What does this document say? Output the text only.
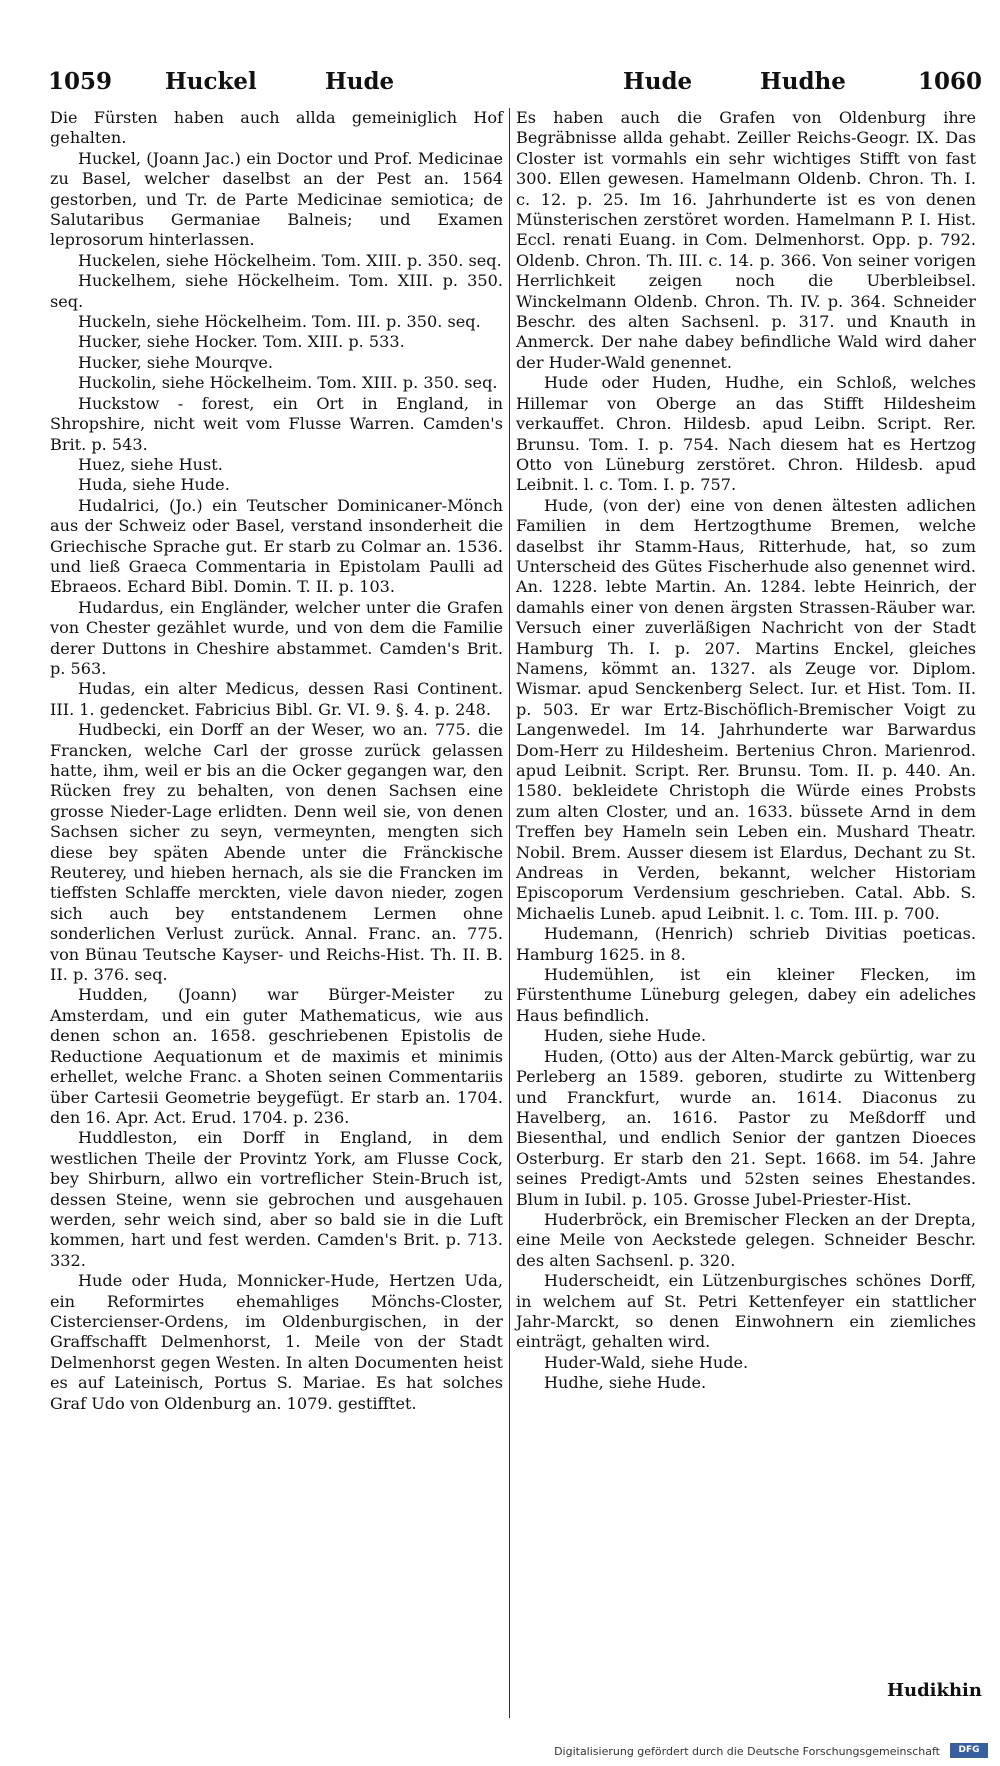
1059 Huckel	Hude	Hude	Hudhe	1060

Die Fürsten haben auch allda gemeiniglich Hof gehalten.

Huckel, (Joann Jac.) ein Doctor und Prof. Medicinae zu Basel, welcher daselbst an der Pest an. 1564 gestorben, und Tr. de Parte Medicinae semiotica; de Salutaribus Germaniae Balneis; und Examen leprosorum hinterlassen.

Huckelen, siehe Höckelheim. Tom. XIII. p. 350. seq.

Huckelhem, siehe Höckelheim. Tom. XIII. p. 350. seq.

Huckeln, siehe Höckelheim. Tom. III. p. 350. seq.

Hucker, siehe Hocker. Tom. XIII. p. 533.

Hucker, siehe Mourqve.

Huckolin, siehe Höckelheim. Tom. XIII. p. 350. seq.

Huckstow - forest, ein Ort in England, in Shropshire, nicht weit vom Flusse Warren. Camden's Brit. p. 543.

Huez, siehe Hust.

Huda, siehe Hude.

Hudalrici, (Jo.) ein Teutscher Dominicaner-Mönch aus der Schweiz oder Basel, verstand insonderheit die Griechische Sprache gut. Er starb zu Colmar an. 1536. und ließ Graeca Commentaria in Epistolam Paulli ad Ebraeos. Echard Bibl. Domin. T. II. p. 103.

Hudardus, ein Engländer, welcher unter die Grafen von Chester gezählet wurde, und von dem die Familie derer Duttons in Cheshire abstammet. Camden's Brit. p. 563.

Hudas, ein alter Medicus, dessen Rasi Continent. III. 1. gedencket. Fabricius Bibl. Gr. VI. 9. §. 4. p. 248.

Hudbecki, ein Dorff an der Weser, wo an. 775. die Francken, welche Carl der grosse zurück gelassen hatte, ihm, weil er bis an die Ocker gegangen war, den Rücken frey zu behalten, von denen Sachsen eine grosse Nieder-Lage erlidten. Denn weil sie, von denen Sachsen sicher zu seyn, vermeynten, mengten sich diese bey späten Abende unter die Fränckische Reuterey, und hieben hernach, als sie die Francken im tieffsten Schlaffe merckten, viele davon nieder, zogen sich auch bey entstandenem Lermen ohne sonderlichen Verlust zurück. Annal. Franc. an. 775. von Bünau Teutsche Kayser- und Reichs-Hist. Th. II. B. II. p. 376. seq.

Hudden, (Joann) war Bürger-Meister zu Amsterdam, und ein guter Mathematicus, wie aus denen schon an. 1658. geschriebenen Epistolis de Reductione Aequationum et de maximis et minimis erhellet, welche Franc. a Shoten seinen Commentariis über Cartesii Geometrie beygefügt. Er starb an. 1704. den 16. Apr. Act. Erud. 1704. p. 236.

Huddleston, ein Dorff in England, in dem westlichen Theile der Provintz York, am Flusse Cock, bey Shirburn, allwo ein vortreflicher Stein-Bruch ist, dessen Steine, wenn sie gebrochen und ausgehauen werden, sehr weich sind, aber so bald sie in die Luft kommen, hart und fest werden. Camden's Brit. p. 713. 332.

Hude oder Huda, Monnicker-Hude, Hertzen Uda, ein Reformirtes ehemahliges Mönchs-Closter, Cistercienser-Ordens, im Oldenburgischen, in der Graffschafft Delmenhorst, 1. Meile von der Stadt Delmenhorst gegen Westen. In alten Documenten heist es auf Lateinisch, Portus S. Mariae. Es hat solches Graf Udo von Oldenburg an. 1079. gestifftet.

Es haben auch die Grafen von Oldenburg ihre Begräbnisse allda gehabt. Zeiller Reichs-Geogr. IX. Das Closter ist vormahls ein sehr wichtiges Stifft von fast 300. Ellen gewesen. Hamelmann Oldenb. Chron. Th. I. c. 12. p. 25. Im 16. Jahrhunderte ist es von denen Münsterischen zerstöret worden. Hamelmann P. I. Hist. Eccl. renati Euang. in Com. Delmenhorst. Opp. p. 792. Oldenb. Chron. Th. III. c. 14. p. 366. Von seiner vorigen Herrlichkeit zeigen noch die Uberbleibsel. Winckelmann Oldenb. Chron. Th. IV. p. 364. Schneider Beschr. des alten Sachsenl. p. 317. und Knauth in Anmerck. Der nahe dabey befindliche Wald wird daher der Huder-Wald genennet.

Hude oder Huden, Hudhe, ein Schloß, welches Hillemar von Oberge an das Stifft Hildesheim verkauffet. Chron. Hildesb. apud Leibn. Script. Rer. Brunsu. Tom. I. p. 754. Nach diesem hat es Hertzog Otto von Lüneburg zerstöret. Chron. Hildesb. apud Leibnit. l. c. Tom. I. p. 757.

Hude, (von der) eine von denen ältesten adlichen Familien in dem Hertzogthume Bremen, welche daselbst ihr Stamm-Haus, Ritterhude, hat, so zum Unterscheid des Gütes Fischerhude also genennet wird. An. 1228. lebte Martin. An. 1284. lebte Heinrich, der damahls einer von denen ärgsten Strassen-Räuber war. Versuch einer zuverläßigen Nachricht von der Stadt Hamburg Th. I. p. 207. Martins Enckel, gleiches Namens, kömmt an. 1327. als Zeuge vor. Diplom. Wismar. apud Senckenberg Select. Iur. et Hist. Tom. II. p. 503. Er war Ertz-Bischöflich-Bremischer Voigt zu Langenwedel. Im 14. Jahrhunderte war Barwardus Dom-Herr zu Hildesheim. Bertenius Chron. Marienrod. apud Leibnit. Script. Rer. Brunsu. Tom. II. p. 440. An. 1580. bekleidete Christoph die Würde eines Probsts zum alten Closter, und an. 1633. büssete Arnd in dem Treffen bey Hameln sein Leben ein. Mushard Theatr. Nobil. Brem. Ausser diesem ist Elardus, Dechant zu St. Andreas in Verden, bekannt, welcher Historiam Episcoporum Verdensium geschrieben. Catal. Abb. S. Michaelis Luneb. apud Leibnit. l. c. Tom. III. p. 700.

Hudemann, (Henrich) schrieb Divitias poeticas. Hamburg 1625. in 8.

Hudemühlen, ist ein kleiner Flecken, im Fürstenthume Lüneburg gelegen, dabey ein adeliches Haus befindlich.

Huden, siehe Hude.

Huden, (Otto) aus der Alten-Marck gebürtig, war zu Perleberg an 1589. geboren, studirte zu Wittenberg und Franckfurt, wurde an. 1614. Diaconus zu Havelberg, an. 1616. Pastor zu Meßdorff und Biesenthal, und endlich Senior der gantzen Dioeces Osterburg. Er starb den 21. Sept. 1668. im 54. Jahre seines Predigt-Amts und 52sten seines Ehestandes. Blum in Iubil. p. 105. Grosse Jubel-Priester-Hist.

Huderbröck, ein Bremischer Flecken an der Drepta, eine Meile von Aeckstede gelegen. Schneider Beschr. des alten Sachsenl. p. 320.

Huderscheidt, ein Lützenburgisches schönes Dorff, in welchem auf St. Petri Kettenfeyer ein stattlicher Jahr-Marckt, so denen Einwohnern ein ziemliches einträgt, gehalten wird.

Huder-Wald, siehe Hude.

Hudhe, siehe Hude.

Hudikhin
Digitalisierung gefördert durch die Deutsche Forschungsgemeinschaft	DFG
